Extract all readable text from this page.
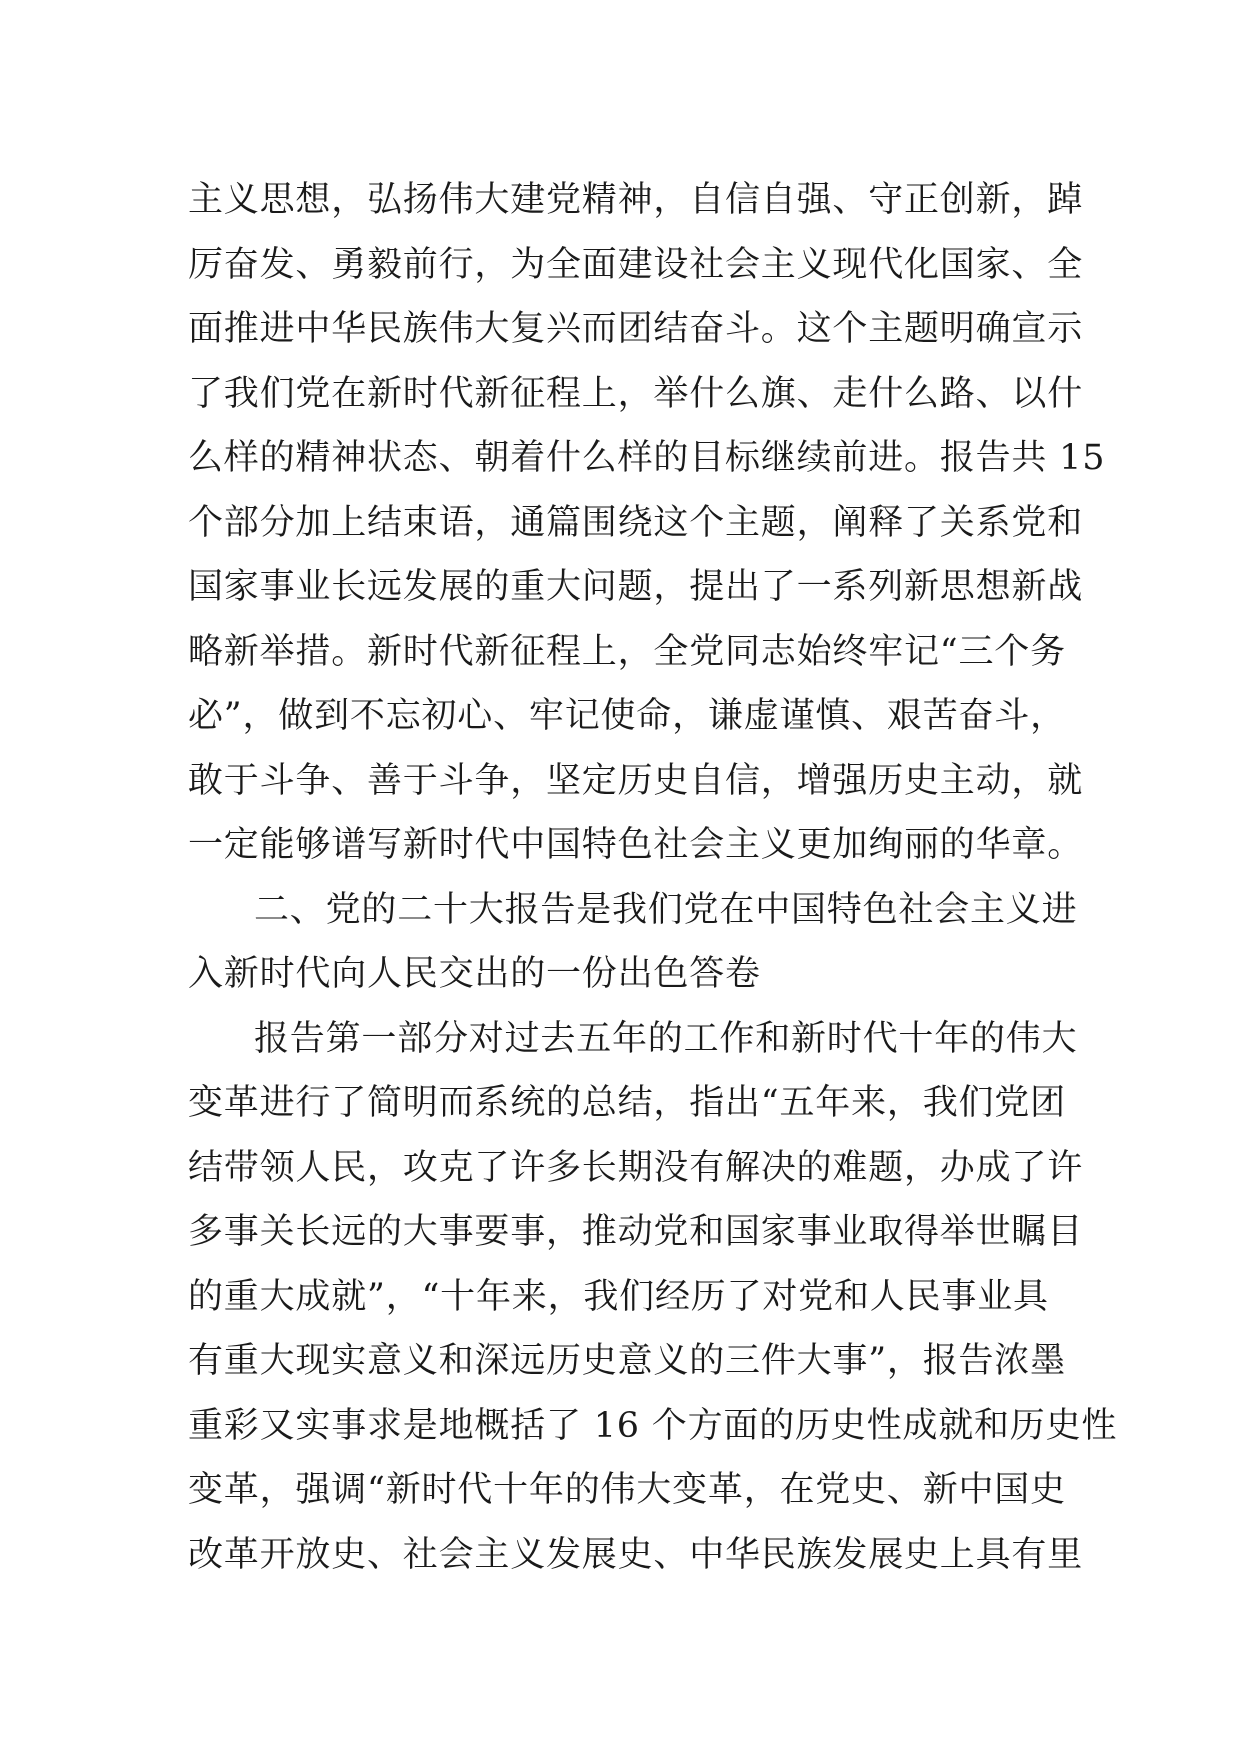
主义思想，弘扬伟大建党精神，自信自强、守正创新，踔
厉奋发、勇毅前行，为全面建设社会主义现代化国家、全
面推进中华民族伟大复兴而团结奋斗。这个主题明确宣示
了我们党在新时代新征程上，举什么旗、走什么路、以什
么样的精神状态、朝着什么样的目标继续前进。报告共 15
个部分加上结束语，通篇围绕这个主题，阐释了关系党和
国家事业长远发展的重大问题，提出了一系列新思想新战
略新举措。新时代新征程上，全党同志始终牢记“三个务
必”，做到不忘初心、牢记使命，谦虚谨慎、艰苦奋斗，
敢于斗争、善于斗争，坚定历史自信，增强历史主动，就
一定能够谱写新时代中国特色社会主义更加绚丽的华章。
二、党的二十大报告是我们党在中国特色社会主义进
入新时代向人民交出的一份出色答卷
报告第一部分对过去五年的工作和新时代十年的伟大
变革进行了简明而系统的总结，指出“五年来，我们党团
结带领人民，攻克了许多长期没有解决的难题，办成了许
多事关长远的大事要事，推动党和国家事业取得举世瞩目
的重大成就”，“十年来，我们经历了对党和人民事业具
有重大现实意义和深远历史意义的三件大事”，报告浓墨
重彩又实事求是地概括了 16 个方面的历史性成就和历史性
变革，强调“新时代十年的伟大变革，在党史、新中国史
改革开放史、社会主义发展史、中华民族发展史上具有里
